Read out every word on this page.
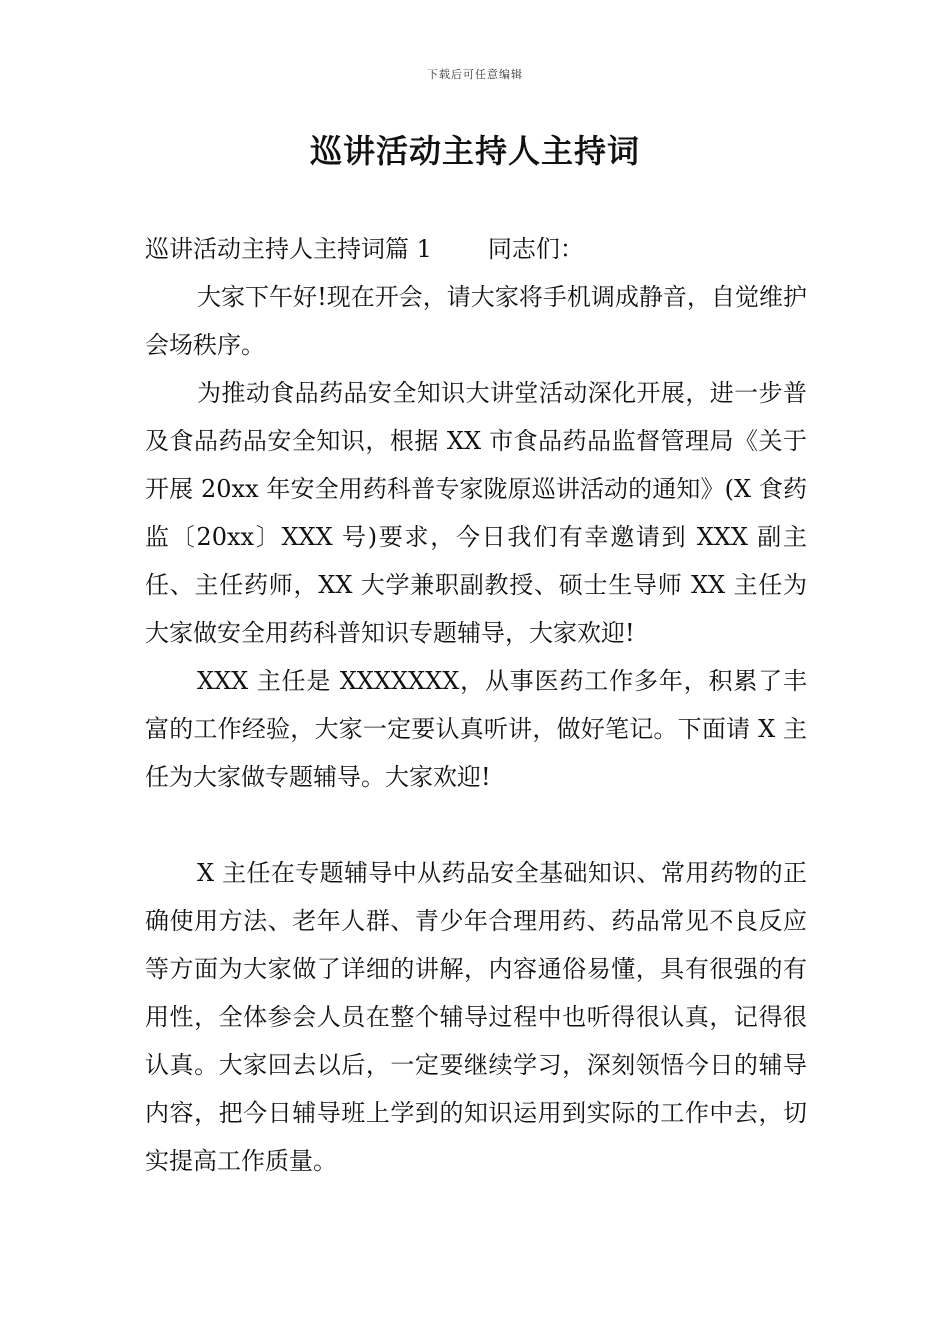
下载后可任意编辑
巡讲活动主持人主持词

巡讲活动主持人主持词篇 1 同志们：

大家下午好!现在开会，请大家将手机调成静音，自觉维护会场秩序。

为推动食品药品安全知识大讲堂活动深化开展，进一步普及食品药品安全知识，根据 XX 市食品药品监督管理局《关于开展 20xx 年安全用药科普专家陇原巡讲活动的通知》(X 食药监〔20xx〕XXX 号)要求，今日我们有幸邀请到 XXX 副主任、主任药师，XX 大学兼职副教授、硕士生导师 XX 主任为大家做安全用药科普知识专题辅导，大家欢迎!

XXX 主任是 XXXXXXX，从事医药工作多年，积累了丰富的工作经验，大家一定要认真听讲，做好笔记。下面请 X 主任为大家做专题辅导。大家欢迎!

X 主任在专题辅导中从药品安全基础知识、常用药物的正确使用方法、老年人群、青少年合理用药、药品常见不良反应等方面为大家做了详细的讲解，内容通俗易懂，具有很强的有用性，全体参会人员在整个辅导过程中也听得很认真，记得很认真。大家回去以后，一定要继续学习，深刻领悟今日的辅导内容，把今日辅导班上学到的知识运用到实际的工作中去，切实提高工作质量。
